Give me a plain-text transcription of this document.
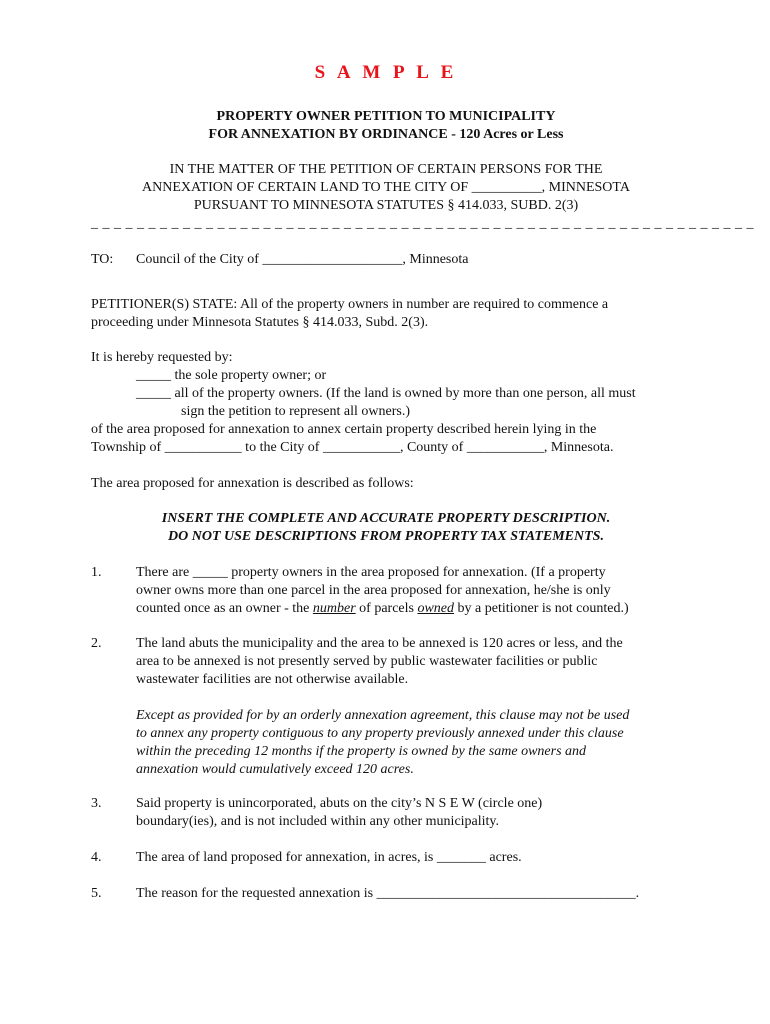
S A M P L E
PROPERTY OWNER PETITION TO MUNICIPALITY
FOR ANNEXATION BY ORDINANCE - 120 Acres or Less
IN THE MATTER OF THE PETITION OF CERTAIN PERSONS FOR THE
ANNEXATION OF CERTAIN LAND TO THE CITY OF __________, MINNESOTA
PURSUANT TO MINNESOTA STATUTES § 414.033, SUBD. 2(3)
_ _ _ _ _ _ _ _ _ _ _ _ _ _ _ _ _ _ _ _ _ _ _ _ _ _ _ _ _ _ _ _ _ _ _ _ _ _ _ _ _ _ _ _ _ _ _ _ _ _ _ _ _ _ _ _ _ _
TO: Council of the City of ____________________, Minnesota
PETITIONER(S) STATE: All of the property owners in number are required to commence a
proceeding under Minnesota Statutes § 414.033, Subd. 2(3).
It is hereby requested by:
_____ the sole property owner; or
_____ all of the property owners. (If the land is owned by more than one person, all must
sign the petition to represent all owners.)
of the area proposed for annexation to annex certain property described herein lying in the
Township of ___________ to the City of ___________, County of ___________, Minnesota.
The area proposed for annexation is described as follows:
INSERT THE COMPLETE AND ACCURATE PROPERTY DESCRIPTION.
DO NOT USE DESCRIPTIONS FROM PROPERTY TAX STATEMENTS.
1. There are _____ property owners in the area proposed for annexation. (If a property
owner owns more than one parcel in the area proposed for annexation, he/she is only
counted once as an owner - the number of parcels owned by a petitioner is not counted.)
2. The land abuts the municipality and the area to be annexed is 120 acres or less, and the
area to be annexed is not presently served by public wastewater facilities or public
wastewater facilities are not otherwise available.
Except as provided for by an orderly annexation agreement, this clause may not be used
to annex any property contiguous to any property previously annexed under this clause
within the preceding 12 months if the property is owned by the same owners and
annexation would cumulatively exceed 120 acres.
3. Said property is unincorporated, abuts on the city’s N S E W (circle one)
boundary(ies), and is not included within any other municipality.
4. The area of land proposed for annexation, in acres, is _______ acres.
5. The reason for the requested annexation is _____________________________________.
